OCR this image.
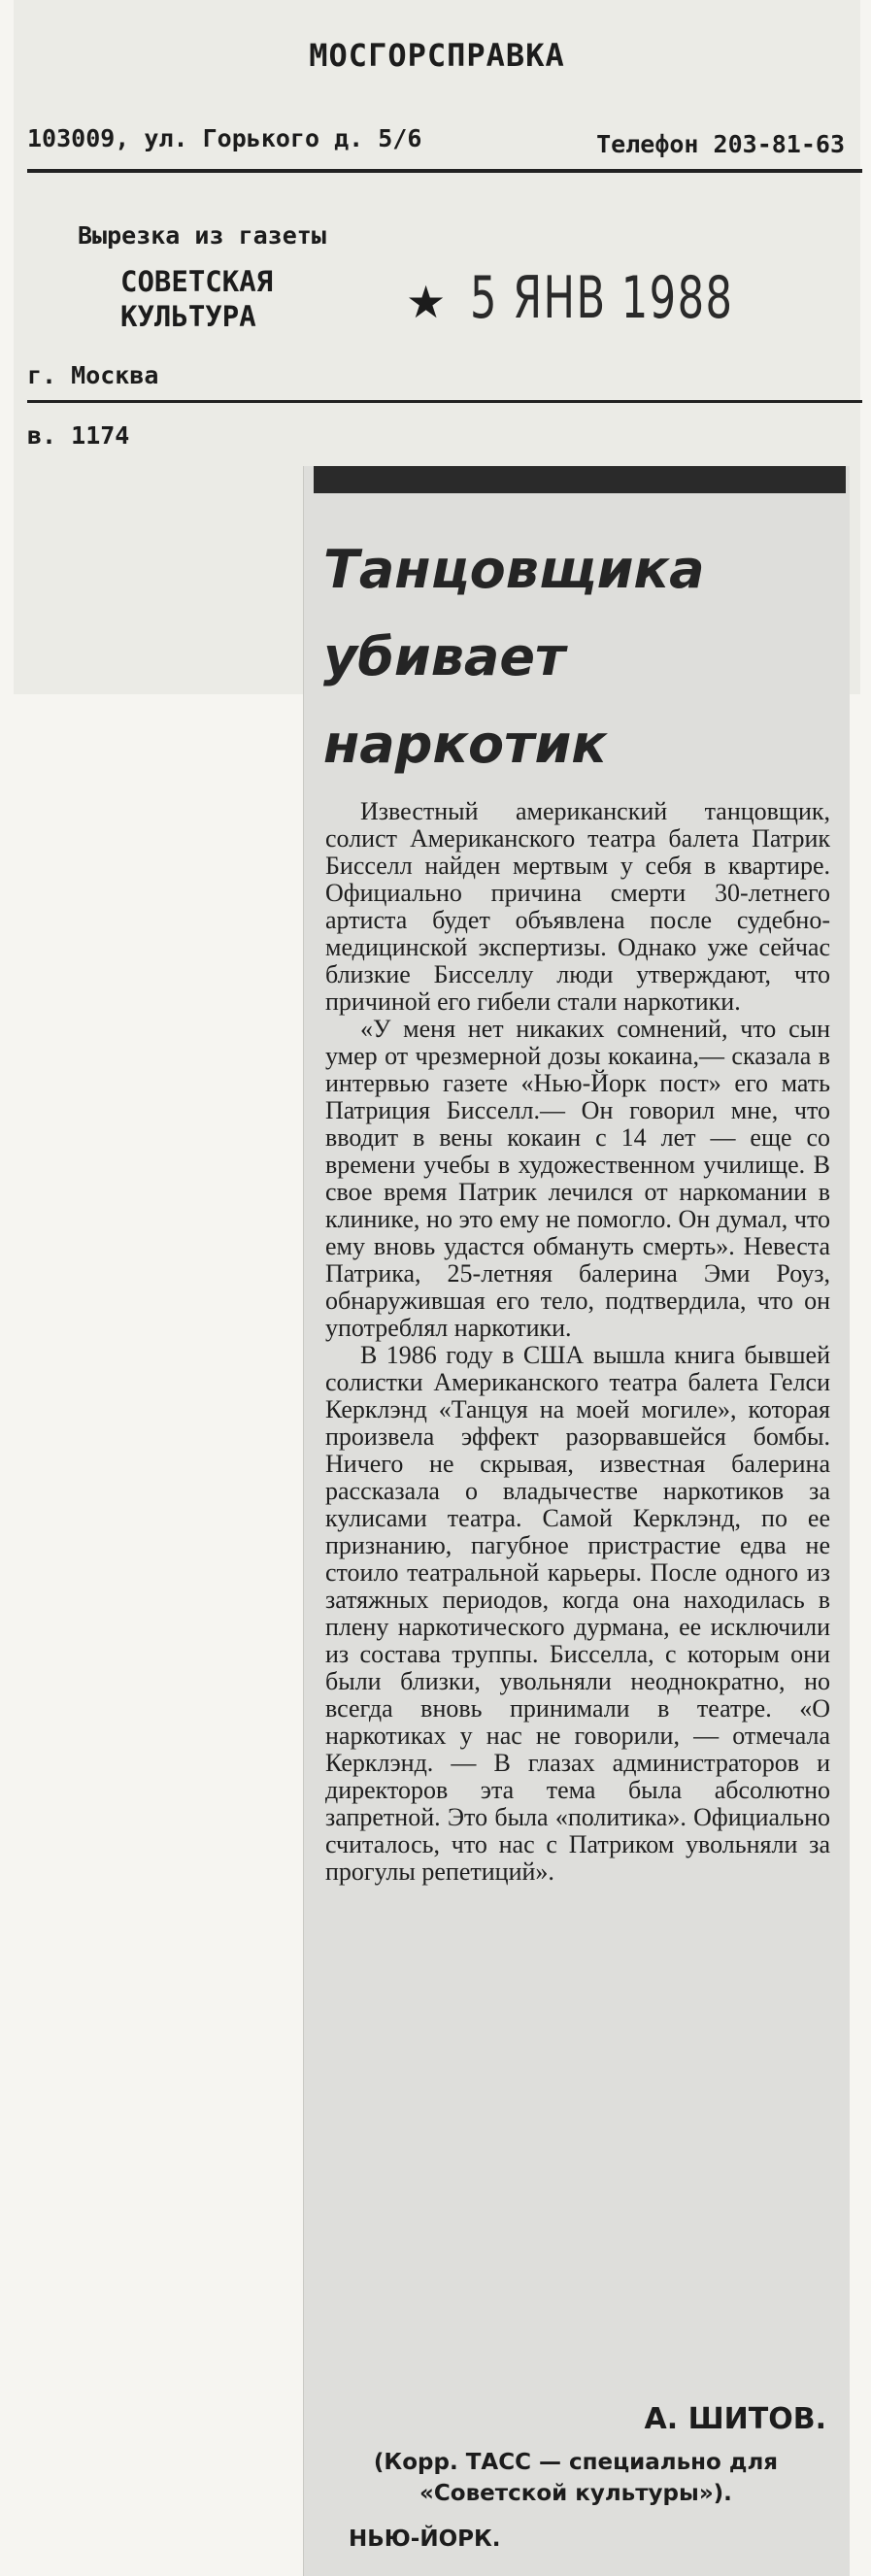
МОСГОРСПРАВКА
103009, ул. Горького д. 5/6	Телефон 203-81-63
Вырезка из газеты
СОВЕТСКАЯ
КУЛЬТУРА	★ 5 ЯНВ 1988
г. Москва
в. 1174
Танцовщика
убивает
наркотик

Известный американский танцовщик, солист Американского театра балета Патрик Бисселл найден мертвым у себя в квартире. Официально причина смерти 30-летнего артиста будет объявлена после судебно-медицинской экспертизы. Однако уже сейчас близкие Бисселлу люди утверждают, что причиной его гибели стали наркотики.

«У меня нет никаких сомнений, что сын умер от чрезмерной дозы кокаина,— сказала в интервью газете «Нью-Йорк пост» его мать Патриция Бисселл.— Он говорил мне, что вводит в вены кокаин с 14 лет — еще со времени учебы в художественном училище. В свое время Патрик лечился от наркомании в клинике, но это ему не помогло. Он думал, что ему вновь удастся обмануть смерть». Невеста Патрика, 25-летняя балерина Эми Роуз, обнаружившая его тело, подтвердила, что он употреблял наркотики.

В 1986 году в США вышла книга бывшей солистки Американского театра балета Гелси Керклэнд «Танцуя на моей могиле», которая произвела эффект разорвавшейся бомбы. Ничего не скрывая, известная балерина рассказала о владычестве наркотиков за кулисами театра. Самой Керклэнд, по ее признанию, пагубное пристрастие едва не стоило театральной карьеры. После одного из затяжных периодов, когда она находилась в плену наркотического дурмана, ее исключили из состава труппы. Бисселла, с которым они были близки, увольняли неоднократно, но всегда вновь принимали в театре. «О наркотиках у нас не говорили, — отмечала Керклэнд. — В глазах администраторов и директоров эта тема была абсолютно запретной. Это была «политика». Официально считалось, что нас с Патриком увольняли за прогулы репетиций».

А. ШИТОВ.
(Корр. ТАСС — специально для «Советской культуры»).
НЬЮ-ЙОРК.
